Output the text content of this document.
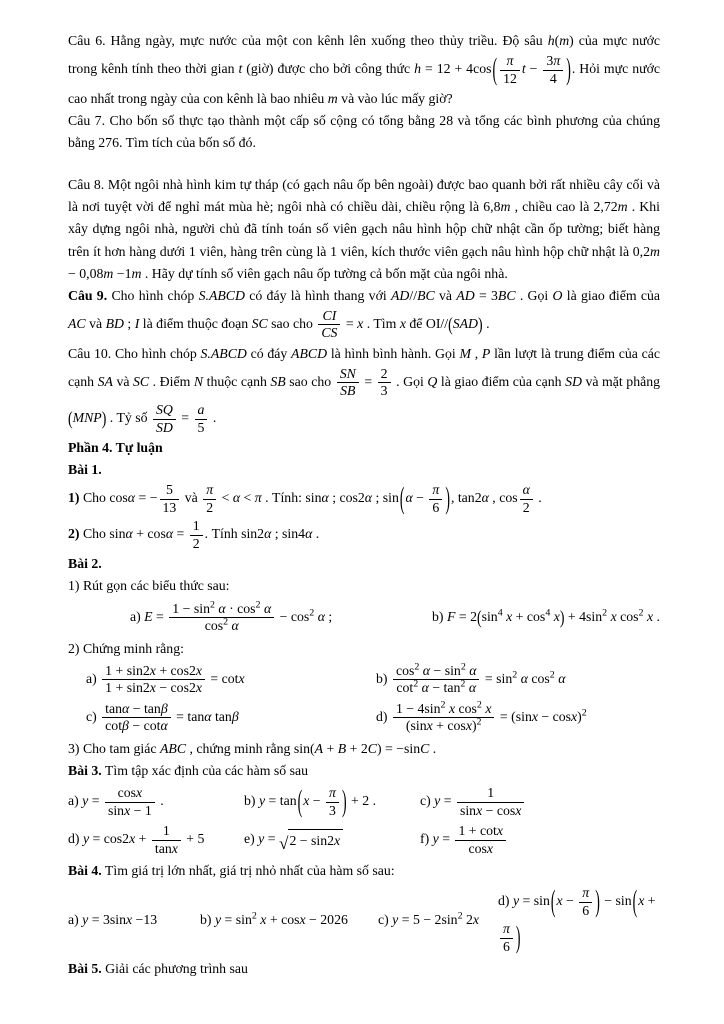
Câu 6. Hằng ngày, mực nước của một con kênh lên xuống theo thủy triều. Độ sâu h(m) của mực nước trong kênh tính theo thời gian t (giờ) được cho bởi công thức $h = 12 + 4\cos( \frac{\pi}{12}$ $t - \frac{3\pi}{4}$ ). Hỏi mực nước cao nhất trong ngày của con kênh là bao nhiêu m và vào lúc mấy giờ?

Câu 7. Cho bốn số thực tạo thành một cấp số cộng có tổng bằng 28 và tổng các bình phương của chúng bằng 276. Tìm tích của bốn số đó.

Câu 8. Một ngôi nhà hình kim tự tháp (có gạch nâu ốp bên ngoài) được bao quanh bởi rất nhiều cây cối và là nơi tuyệt vời để nghỉ mát mùa hè; ngôi nhà có chiều dài, chiều rộng là 6,8m , chiều cao là 2,72m . Khi xây dựng ngôi nhà, người chủ đã tính toán số viên gạch nâu hình hộp chữ nhật cần ốp tường; biết hàng trên ít hơn hàng dưới 1 viên, hàng trên cùng là 1 viên, kích thước viên gạch nâu hình hộp chữ nhật là 0,2m − 0,08m −1m . Hãy dự tính số viên gạch nâu ốp tường cả bốn mặt của ngôi nhà.

Câu 9. Cho hình chóp S.ABCD có đáy là hình thang với AD//BC và AD = 3BC . Gọi O là giao điểm của AC và BD ; I là điểm thuộc đoạn SC sao cho $\frac{CI}{CS} = x$ . Tìm x để OI//(SAD) .

Câu 10. Cho hình chóp S.ABCD có đáy ABCD là hình bình hành. Gọi M , P lần lượt là trung điểm của các cạnh SA và SC . Điểm N thuộc cạnh SB sao cho $\frac{SN}{SB} = \frac{2}{3}$ . Gọi Q là giao điểm của cạnh SD và mặt phẳng (MNP) . Tỷ số $\frac{SQ}{SD} = \frac{a}{5}$ .

Phần 4. Tự luận

Bài 1.

1) Cho cosα = − $\frac{5}{13}$ và $\frac{\pi}{2} < \alpha < \pi$ . Tính: sinα ; cos2α ; $\sin(\alpha - \frac{\pi}{6}$ ), tan2α , $\cos \frac{\alpha}{2}$ .

2) Cho $\sin\alpha + \cos\alpha = \frac{1}{2}$ . Tính sin2α ; sin4α .

Bài 2.

1) Rút gọn các biểu thức sau:

a) $E = \frac{1 - \sin^2 \alpha \cdot \cos^2 \alpha}{\cos^2 \alpha} - \cos^2 \alpha$ ;	b) $F = 2(\sin^4$ $x + \cos^4 x) + 4\sin^2$ x $\cos^2 x$ .

2) Chứng minh rằng:

$a) \frac{1 + \sin 2x + \cos 2x}{1 + \sin 2x - \cos 2x} = \cot x$	$b) \frac{\cos^2 \alpha - \sin^2 \alpha}{\cot^2 \alpha - \tan^2 \alpha} = \sin^2 \alpha$ $\cos^2 \alpha$
$c) \frac{\tan\alpha - \tan\beta}{\cot\beta - \cot\alpha} = \tan\alpha$ tanβ	$d) \frac{1 - 4\sin^2 x \cos^2 x}{(\sin x + \cos x)^2} = (\sin x - \cos x)^2$

3) Cho tam giác ABC , chứng minh rằng sin(A + B + 2C) = −sinC .

Bài 3. Tìm tập xác định của các hàm số sau

a) $y = \frac{\cos x}{\sin x - 1}$ .	b) $y = \tan(x - \frac{\pi}{3}$ ) + 2 .	c) $y = \frac{1}{\sin x - \cos x}$
d) $y = \cos 2x + \frac{1}{\tan x} + 5$	e) y = √ 2 − sin2x	f) $y = \frac{1 + \cot x}{\cos x}$

Bài 4. Tìm giá trị lớn nhất, giá trị nhỏ nhất của hàm số sau:

a) y = 3sinx −13	b) $y = \sin^2 x + \cos x - 2026$	c) $y = 5 - 2\sin^2$ 2x
d) $y = \sin(x - \frac{\pi}{6}$ ) − sin(x +
$\frac{\pi}{6}$ )

Bài 5. Giải các phương trình sau
